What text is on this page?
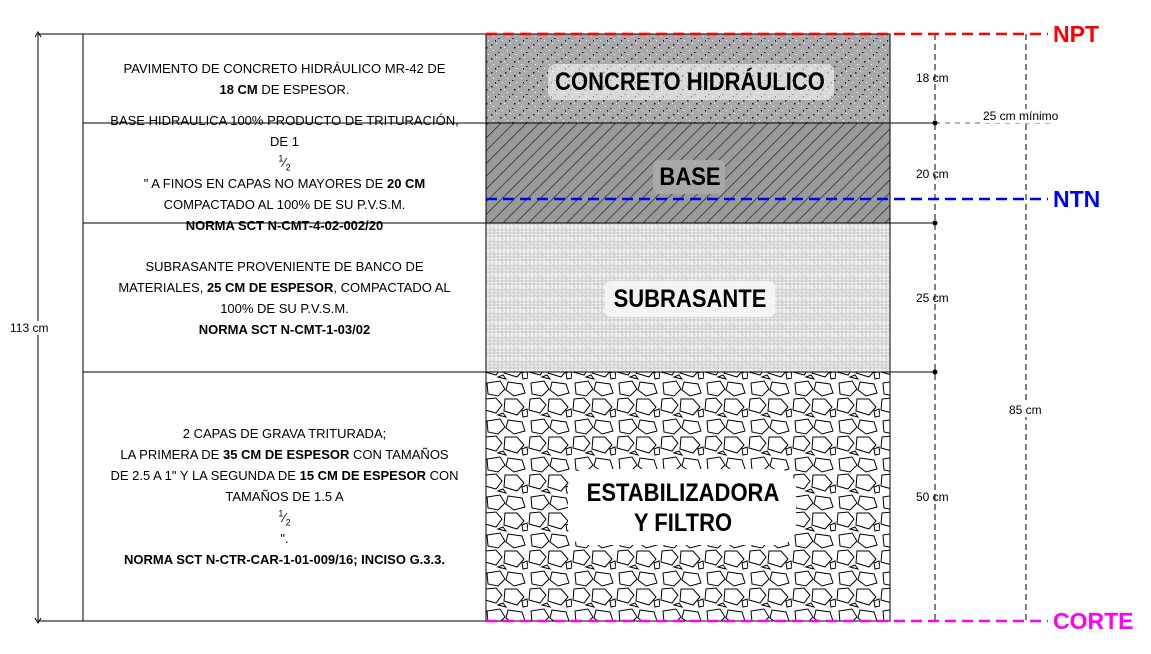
PAVIMENTO DE CONCRETO HIDRÁULICO MR-42 DE
18 CM DE ESPESOR.
BASE HIDRAULICA 100% PRODUCTO DE TRITURACIÓN,
DE 1
$^1⁄_2$
" A FINOS EN CAPAS NO MAYORES DE 20 CM
COMPACTADO AL 100% DE SU P.V.S.M.
NORMA SCT N-CMT-4-02-002/20
SUBRASANTE PROVENIENTE DE BANCO DE
MATERIALES, 25 CM DE ESPESOR, COMPACTADO AL
100% DE SU P.V.S.M.
NORMA SCT N-CMT-1-03/02
2 CAPAS DE GRAVA TRITURADA;
LA PRIMERA DE 35 CM DE ESPESOR CON TAMAÑOS
DE 2.5 A 1" Y LA SEGUNDA DE 15 CM DE ESPESOR CON
TAMAÑOS DE 1.5 A
$^1⁄_2$
".
NORMA SCT N-CTR-CAR-1-01-009/16; INCISO G.3.3.
CONCRETO HIDRÁULICO
BASE
SUBRASANTE
ESTABILIZADORA
Y FILTRO
18 cm
20 cm
25 cm
50 cm
113 cm
25 cm mínimo
85 cm
NPT
NTN
CORTE
